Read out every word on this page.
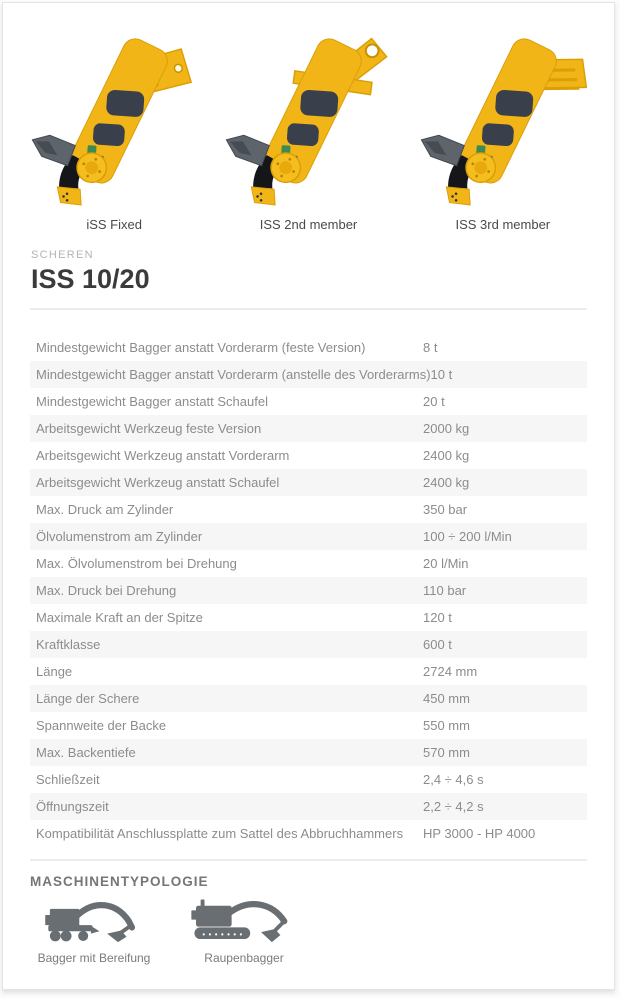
iSS Fixed	ISS 2nd member	ISS 3rd member
SCHEREN
ISS 10/20
Mindestgewicht Bagger anstatt Vorderarm (feste Version)	8 t
Mindestgewicht Bagger anstatt Vorderarm (anstelle des Vorderarms) 10 t
Mindestgewicht Bagger anstatt Schaufel	20 t
Arbeitsgewicht Werkzeug feste Version	2000 kg
Arbeitsgewicht Werkzeug anstatt Vorderarm	2400 kg
Arbeitsgewicht Werkzeug anstatt Schaufel	2400 kg
Max. Druck am Zylinder	350 bar
Ölvolumenstrom am Zylinder	100 ÷ 200 l/Min
Max. Ölvolumenstrom bei Drehung	20 l/Min
Max. Druck bei Drehung	110 bar
Maximale Kraft an der Spitze	120 t
Kraftklasse	600 t
Länge	2724 mm
Länge der Schere	450 mm
Spannweite der Backe	550 mm
Max. Backentiefe	570 mm
Schließzeit	2,4 ÷ 4,6 s
Öffnungszeit	2,2 ÷ 4,2 s
Kompatibilität Anschlussplatte zum Sattel des Abbruchhammers	HP 3000 - HP 4000
MASCHINENTYPOLOGIE
Bagger mit Bereifung	Raupenbagger
